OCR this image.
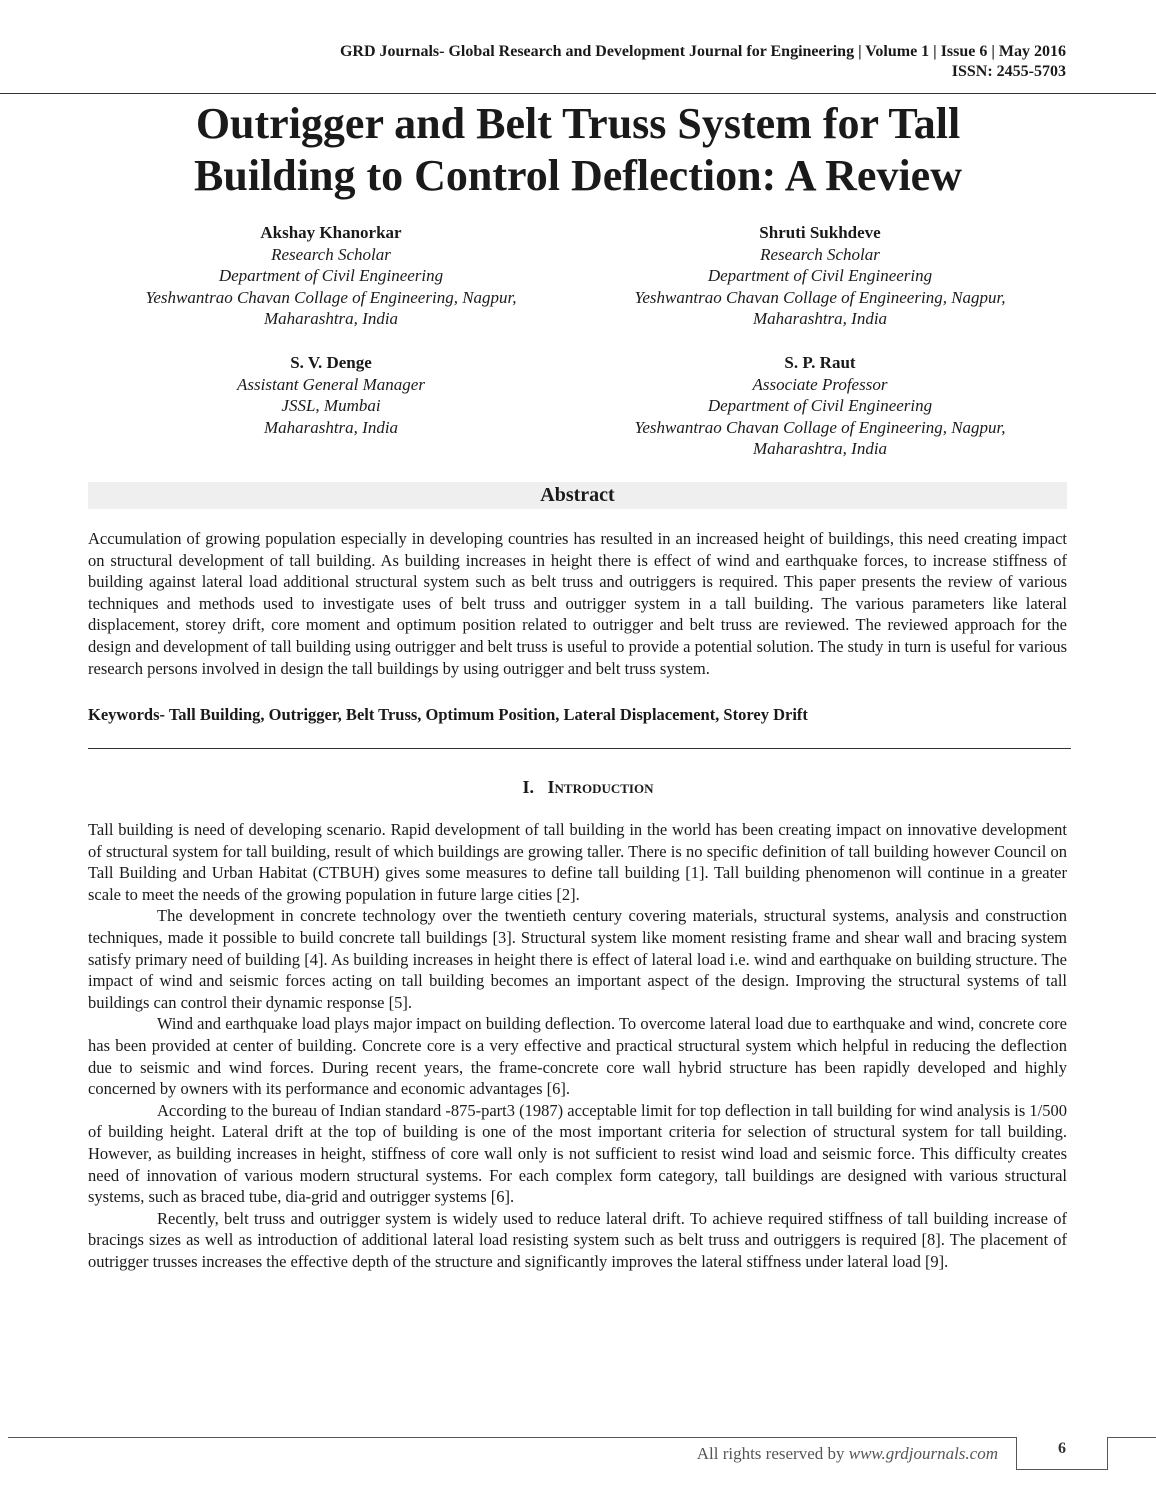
GRD Journals- Global Research and Development Journal for Engineering | Volume 1 | Issue 6 | May 2016
ISSN: 2455-5703
Outrigger and Belt Truss System for Tall
Building to Control Deflection: A Review
Akshay Khanorkar
Research Scholar
Department of Civil Engineering
Yeshwantrao Chavan Collage of Engineering, Nagpur,
Maharashtra, India
Shruti Sukhdeve
Research Scholar
Department of Civil Engineering
Yeshwantrao Chavan Collage of Engineering, Nagpur,
Maharashtra, India
S. V. Denge
Assistant General Manager
JSSL, Mumbai
Maharashtra, India
S. P. Raut
Associate Professor
Department of Civil Engineering
Yeshwantrao Chavan Collage of Engineering, Nagpur,
Maharashtra, India
Abstract

Accumulation of growing population especially in developing countries has resulted in an increased height of buildings, this need creating impact on structural development of tall building. As building increases in height there is effect of wind and earthquake forces, to increase stiffness of building against lateral load additional structural system such as belt truss and outriggers is required. This paper presents the review of various techniques and methods used to investigate uses of belt truss and outrigger system in a tall building. The various parameters like lateral displacement, storey drift, core moment and optimum position related to outrigger and belt truss are reviewed. The reviewed approach for the design and development of tall building using outrigger and belt truss is useful to provide a potential solution. The study in turn is useful for various research persons involved in design the tall buildings by using outrigger and belt truss system.

Keywords- Tall Building, Outrigger, Belt Truss, Optimum Position, Lateral Displacement, Storey Drift

I. Introduction

Tall building is need of developing scenario. Rapid development of tall building in the world has been creating impact on innovative development of structural system for tall building, result of which buildings are growing taller. There is no specific definition of tall building however Council on Tall Building and Urban Habitat (CTBUH) gives some measures to define tall building [1]. Tall building phenomenon will continue in a greater scale to meet the needs of the growing population in future large cities [2].

The development in concrete technology over the twentieth century covering materials, structural systems, analysis and construction techniques, made it possible to build concrete tall buildings [3]. Structural system like moment resisting frame and shear wall and bracing system satisfy primary need of building [4]. As building increases in height there is effect of lateral load i.e. wind and earthquake on building structure. The impact of wind and seismic forces acting on tall building becomes an important aspect of the design. Improving the structural systems of tall buildings can control their dynamic response [5].

Wind and earthquake load plays major impact on building deflection. To overcome lateral load due to earthquake and wind, concrete core has been provided at center of building. Concrete core is a very effective and practical structural system which helpful in reducing the deflection due to seismic and wind forces. During recent years, the frame-concrete core wall hybrid structure has been rapidly developed and highly concerned by owners with its performance and economic advantages [6].

According to the bureau of Indian standard -875-part3 (1987) acceptable limit for top deflection in tall building for wind analysis is 1/500 of building height. Lateral drift at the top of building is one of the most important criteria for selection of structural system for tall building. However, as building increases in height, stiffness of core wall only is not sufficient to resist wind load and seismic force. This difficulty creates need of innovation of various modern structural systems. For each complex form category, tall buildings are designed with various structural systems, such as braced tube, dia-grid and outrigger systems [6].

Recently, belt truss and outrigger system is widely used to reduce lateral drift. To achieve required stiffness of tall building increase of bracings sizes as well as introduction of additional lateral load resisting system such as belt truss and outriggers is required [8]. The placement of outrigger trusses increases the effective depth of the structure and significantly improves the lateral stiffness under lateral load [9].

All rights reserved by www.grdjournals.com	6
